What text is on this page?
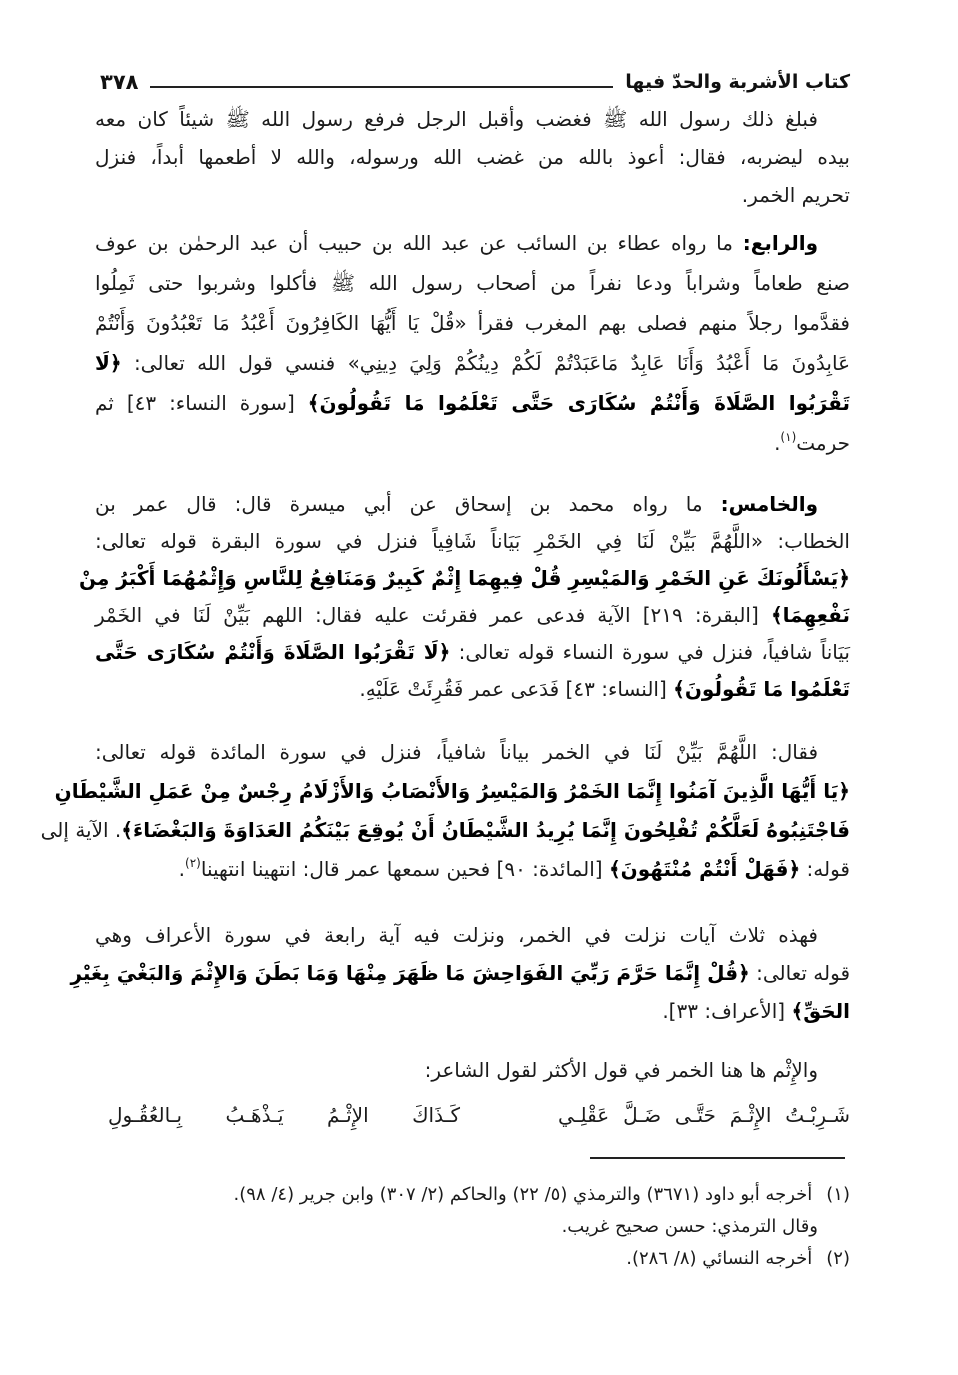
كتاب الأشربة والحدّ فيها
٣٧٨
فبلغ ذلك رسول الله ﷺ فغضب وأقبل الرجل فرفع رسول الله ﷺ شيئاً كان معه
بيده ليضربه، فقال: أعوذ بالله من غضب الله ورسوله، والله لا أطعمها أبداً، فنزل
تحريم الخمر.
والرابع: ما رواه عطاء بن السائب عن عبد الله بن حبيب أن عبد الرحمٰن بن عوف
صنع طعاماً وشراباً ودعا نفراً من أصحاب رسول الله ﷺ فأكلوا وشربوا حتى ثَمِلُوا
فقدَّموا رجلاً منهم فصلى بهم المغرب فقرأ «قُلْ يَا أَيُّهَا الكَافِرُونَ أَعْبُدُ مَا تَعْبُدُونَ وَأَنْتُمْ
عَابِدُونَ مَا أَعْبُدُ وَأَنَا عَابِدٌ مَاعَبَدْتُمْ لَكُمْ دِينُكُمْ وَلِيَ دِينِي» فنسي قول الله تعالى: ﴿لَا
تَقْرَبُوا الصَّلَاةَ وَأَنْتُمْ سُكَارَى حَتَّى تَعْلَمُوا مَا تَقُولُونَ﴾ [سورة النساء: ٤٣] ثم
حرمت$^{(١)}$.
والخامس: ما رواه محمد بن إسحاق عن أبي ميسرة قال: قال عمر بن
الخطاب: «اللَّهُمَّ بَيِّنْ لَنَا فِي الخَمْرِ بَيَاناً شَافِياً فنزل في سورة البقرة قوله تعالى:
﴿يَسْأَلُونَكَ عَنِ الخَمْرِ وَالمَيْسِرِ قُلْ فِيهِمَا إِثْمٌ كَبِيرٌ وَمَنَافِعُ لِلنَّاسِ وَإِثْمُهُمَا أَكْبَرُ مِنْ
نَفْعِهِمَا﴾ [البقرة: ٢١٩] الآية فدعى عمر فقرئت عليه فقال: اللهم بَيِّنْ لَنَا في الخَمْر
بَيَاناً شافياً، فنزل في سورة النساء قوله تعالى: ﴿لَا تَقْرَبُوا الصَّلَاةَ وَأَنْتُمْ سُكَارَى حَتَّى
تَعْلَمُوا مَا تَقُولُونَ﴾ [النساء: ٤٣] فَدَعى عمر فَقُرِئَتْ عَلَيْهِ.
فقال: اللَّهُمَّ بَيِّنْ لَنَا في الخمر بياناً شافياً، فنزل في سورة المائدة قوله تعالى:
﴿يَا أَيُّهَا الَّذِينَ آمَنُوا إِنَّمَا الخَمْرُ وَالمَيْسِرُ وَالأَنْصَابُ وَالأَزْلَامُ رِجْسٌ مِنْ عَمَلِ الشَّيْطَانِ
فَاجْتَنِبُوهُ لَعَلَّكُمْ تُفْلِحُونَ إِنَّمَا يُرِيدُ الشَّيْطَانُ أَنْ يُوقِعَ بَيْنَكُمُ العَدَاوَةَ وَالبَغْضَاءَ﴾. الآية إلى
قوله: ﴿فَهَلْ أَنْتُمْ مُنْتَهُونَ﴾ [المائدة: ٩٠] فحين سمعها عمر قال: انتهينا انتهينا$^{(٢)}$.
فهذه ثلاث آيات نزلت في الخمر، ونزلت فيه آية رابعة في سورة الأعراف وهي
قوله تعالى: ﴿قُلْ إِنَّمَا حَرَّمَ رَبِّيَ الفَوَاحِشَ مَا ظَهَرَ مِنْهَا وَمَا بَطَنَ وَالإِثْمَ وَالبَغْيَ بِغَيْرِ
الحَقِّ﴾ [الأعراف: ٣٣].
والإِثْم ها هنا الخمر في قول الأكثر لقول الشاعر:
شَـرِبْـتُ الإِثْـمَ حَتَّـى ضَـلَّ عَقْلِـي
كَـذَاكَ الإِثْـمُ يَـذْهَـبُ بِـالعُقُـولِ
(١)أخرجه أبو داود (٣٦٧١) والترمذي (٥/ ٢٢) والحاكم (٢/ ٣٠٧) وابن جرير (٤/ ٩٨).
وقال الترمذي: حسن صحيح غريب.
(٢)أخرجه النسائي (٨/ ٢٨٦).
